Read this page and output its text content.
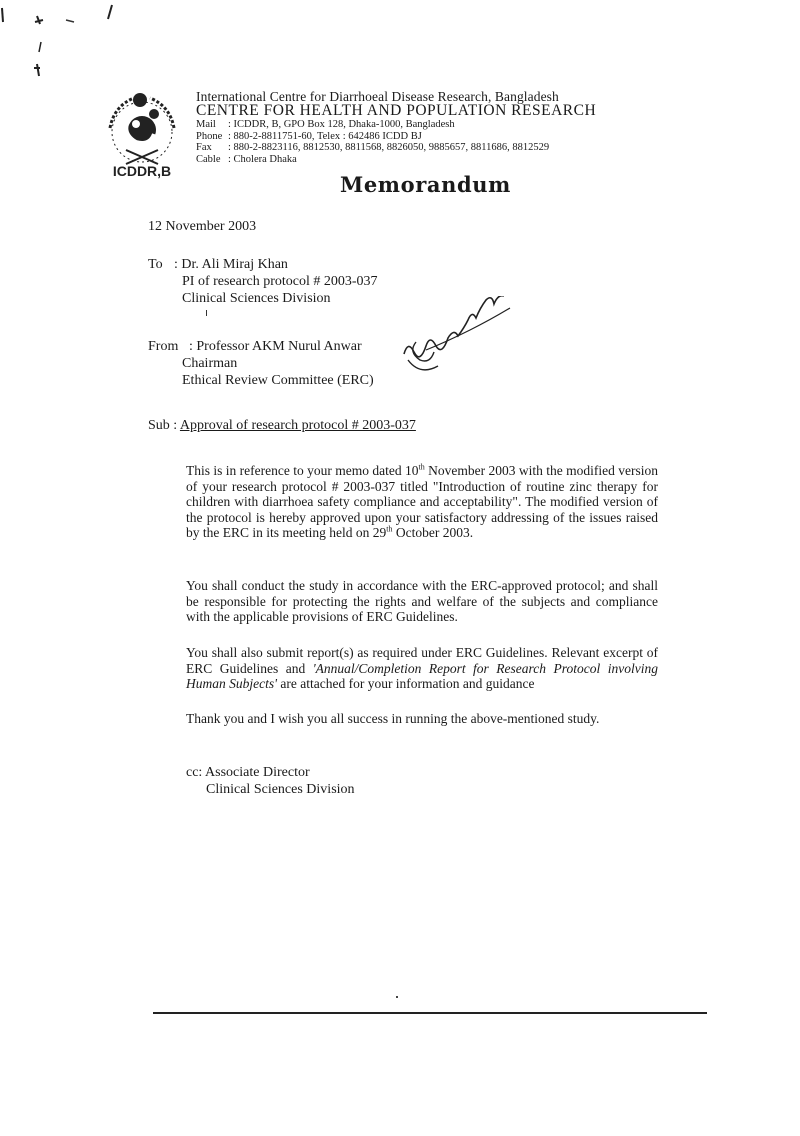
ICDDR,B
International Centre for Diarrhoeal Disease Research, Bangladesh
CENTRE FOR HEALTH AND POPULATION RESEARCH
Mail : ICDDR, B, GPO Box 128, Dhaka-1000, Bangladesh
Phone : 880-2-8811751-60, Telex : 642486 ICDD BJ
Fax : 880-2-8823116, 8812530, 8811568, 8826050, 9885657, 8811686, 8812529
Cable : Cholera Dhaka
Memorandum
12 November 2003
To : Dr. Ali Miraj Khan
PI of research protocol # 2003-037
Clinical Sciences Division
From : Professor AKM Nurul Anwar
Chairman
Ethical Review Committee (ERC)
Sub : Approval of research protocol # 2003-037
This is in reference to your memo dated 10th November 2003 with the modified version of your research protocol # 2003-037 titled "Introduction of routine zinc therapy for children with diarrhoea safety compliance and acceptability". The modified version of the protocol is hereby approved upon your satisfactory addressing of the issues raised by the ERC in its meeting held on 29th October 2003.
You shall conduct the study in accordance with the ERC-approved protocol; and shall be responsible for protecting the rights and welfare of the subjects and compliance with the applicable provisions of ERC Guidelines.
You shall also submit report(s) as required under ERC Guidelines. Relevant excerpt of ERC Guidelines and 'Annual/Completion Report for Research Protocol involving Human Subjects' are attached for your information and guidance
Thank you and I wish you all success in running the above-mentioned study.
cc: Associate Director
Clinical Sciences Division
